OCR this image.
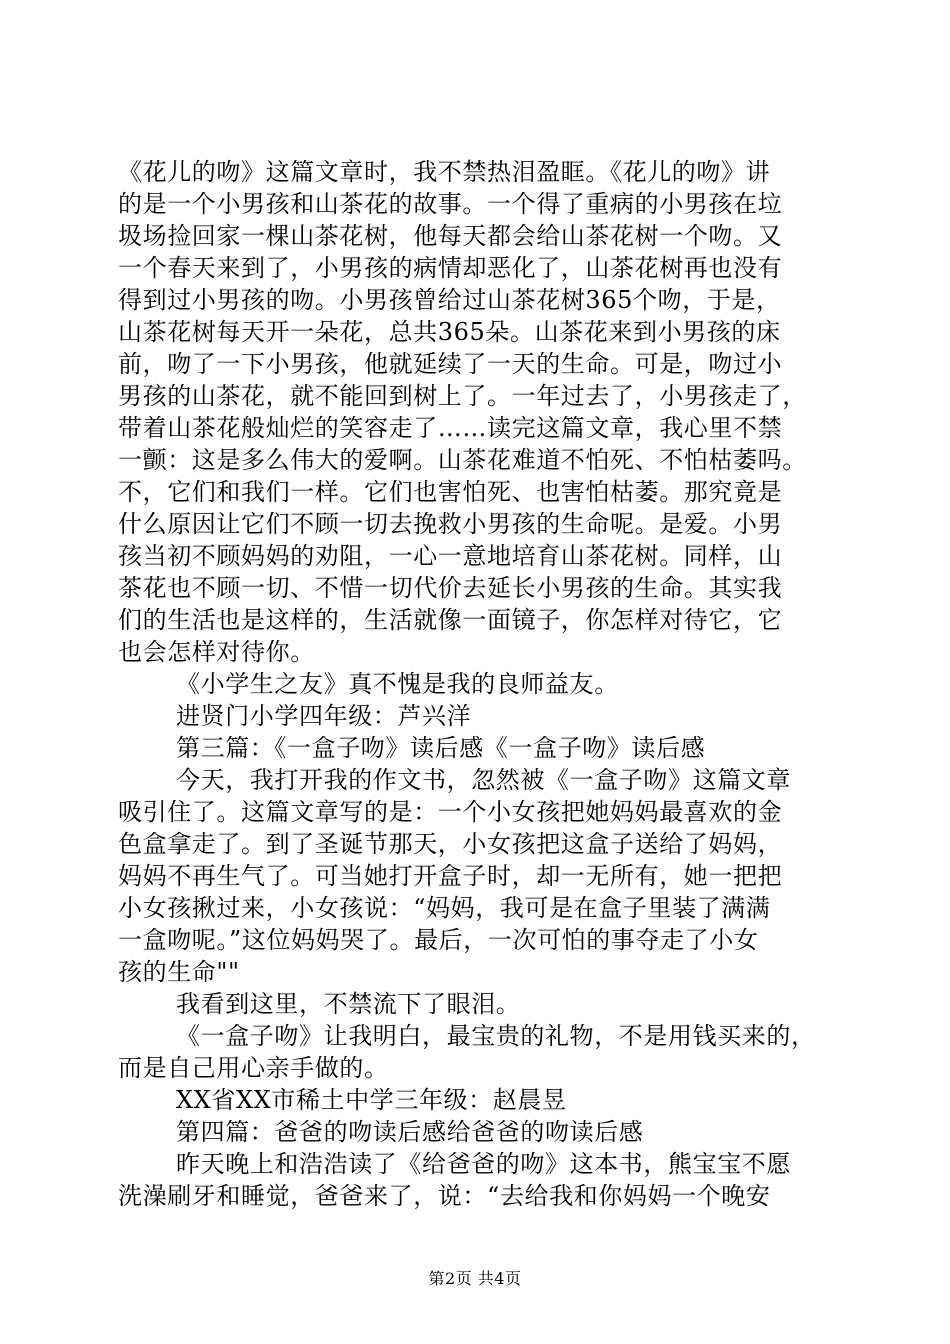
《花儿的吻》这篇文章时，我不禁热泪盈眶。《花儿的吻》讲
的是一个小男孩和山茶花的故事。一个得了重病的小男孩在垃
圾场捡回家一棵山茶花树，他每天都会给山茶花树一个吻。又
一个春天来到了，小男孩的病情却恶化了，山茶花树再也没有
得到过小男孩的吻。小男孩曾给过山茶花树365个吻，于是，
山茶花树每天开一朵花，总共365朵。山茶花来到小男孩的床
前，吻了一下小男孩，他就延续了一天的生命。可是，吻过小
男孩的山茶花，就不能回到树上了。一年过去了，小男孩走了，
带着山茶花般灿烂的笑容走了……读完这篇文章，我心里不禁
一颤：这是多么伟大的爱啊。山茶花难道不怕死、不怕枯萎吗。
不，它们和我们一样。它们也害怕死、也害怕枯萎。那究竟是
什么原因让它们不顾一切去挽救小男孩的生命呢。是爱。小男
孩当初不顾妈妈的劝阻，一心一意地培育山茶花树。同样，山
茶花也不顾一切、不惜一切代价去延长小男孩的生命。其实我
们的生活也是这样的，生活就像一面镜子，你怎样对待它，它
也会怎样对待你。
《小学生之友》真不愧是我的良师益友。
进贤门小学四年级：芦兴洋
第三篇：《一盒子吻》读后感《一盒子吻》读后感
今天，我打开我的作文书，忽然被《一盒子吻》这篇文章
吸引住了。这篇文章写的是：一个小女孩把她妈妈最喜欢的金
色盒拿走了。到了圣诞节那天，小女孩把这盒子送给了妈妈，
妈妈不再生气了。可当她打开盒子时，却一无所有，她一把把
小女孩揪过来，小女孩说：“妈妈，我可是在盒子里装了满满
一盒吻呢。”这位妈妈哭了。最后，一次可怕的事夺走了小女
孩的生命""
我看到这里，不禁流下了眼泪。
《一盒子吻》让我明白，最宝贵的礼物，不是用钱买来的，
而是自己用心亲手做的。
XX省XX市稀土中学三年级：赵晨昱
第四篇：爸爸的吻读后感给爸爸的吻读后感
昨天晚上和浩浩读了《给爸爸的吻》这本书，熊宝宝不愿
洗澡刷牙和睡觉，爸爸来了，说：“去给我和你妈妈一个晚安
第2页 共4页
